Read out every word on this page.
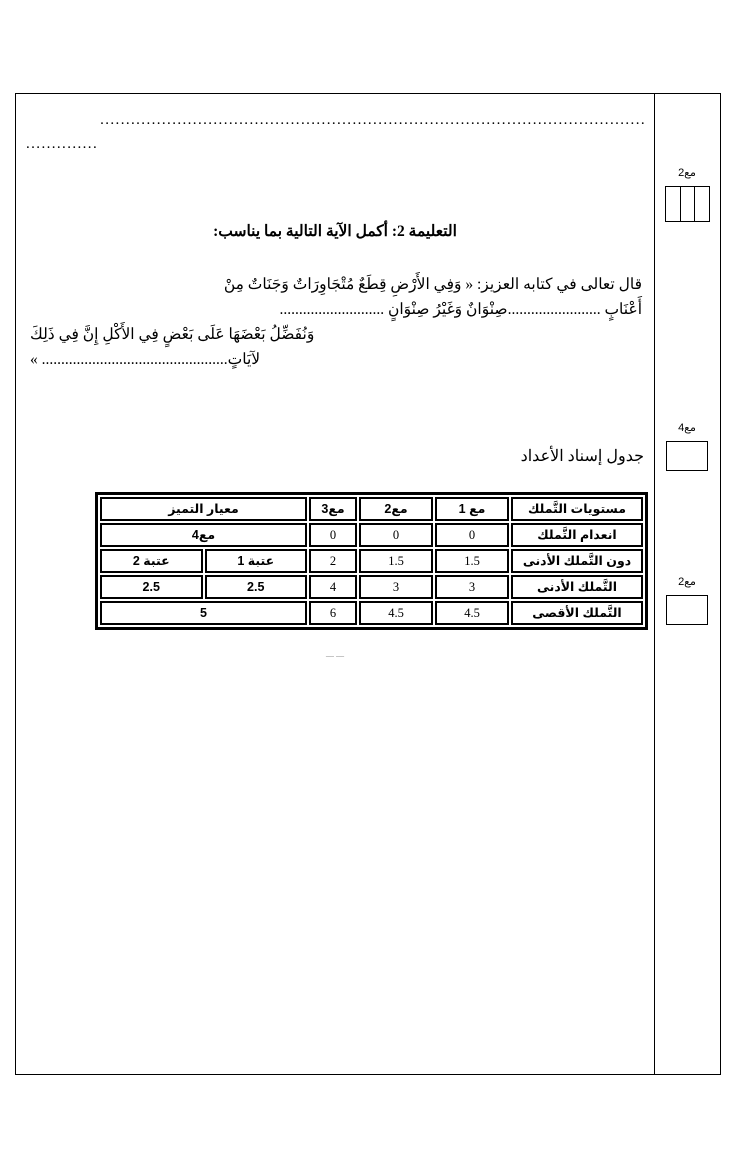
مع2
مع4
مع2
..........................................................................................................
..............
التعليمة 2: أكمل الآية التالية بما يناسب:
قال تعالى في كتابه العزيز: « وَفِي الأَرْضِ قِطَعٌ مُتْجَاوِرَاتٌ وَجَنَاتٌ مِنْ
أَعْنَابٍ ........................صِنْوَانٌ وَغَيْرُ صِنْوَانٍ ...........................
وَنُفَضِّلُ بَعْضَهَا عَلَى بَعْضٍ فِي الأَكْلِ إِنَّ فِي ذَلِكَ
لآيَاتٍ................................................ »
جدول إسناد الأعداد
مستويات التَّملك	مع 1	مع2	مع3	معيار التميز	
انعدام التَّملك	0	0	0	مع4	
دون التَّملك الأدنى	1.5	1.5	2	عتبة 1	عتبة 2
التَّملك الأدنى	3	3	4	2.5	2.5
التَّملك الأقصى	4.5	4.5	6	5	
ـــ ـــ
